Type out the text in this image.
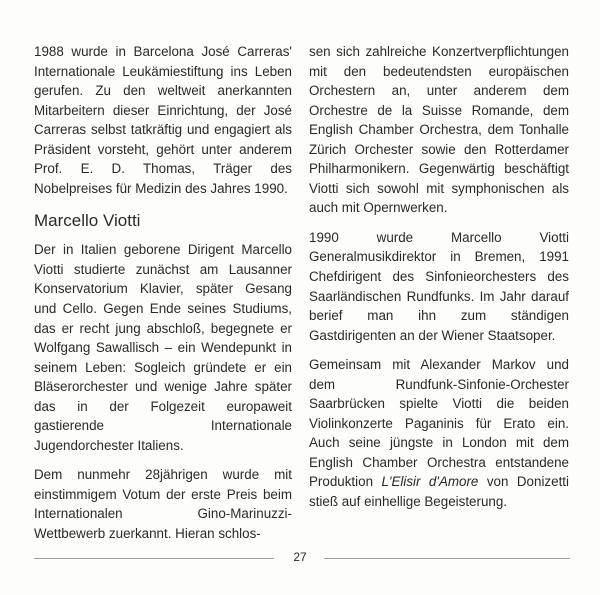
1988 wurde in Barcelona José Carreras' Internationale Leukämiestiftung ins Leben gerufen. Zu den weltweit anerkannten Mitarbeitern dieser Einrichtung, der José Carreras selbst tatkräftig und engagiert als Präsident vorsteht, gehört unter anderem Prof. E. D. Thomas, Träger des Nobelpreises für Medizin des Jahres 1990.

Marcello Viotti

Der in Italien geborene Dirigent Marcello Viotti studierte zunächst am Lausanner Konservatorium Klavier, später Gesang und Cello. Gegen Ende seines Studiums, das er recht jung abschloß, begegnete er Wolfgang Sawallisch – ein Wendepunkt in seinem Leben: Sogleich gründete er ein Bläserorchester und wenige Jahre später das in der Folgezeit europaweit gastierende Internationale Jugendorchester Italiens.

Dem nunmehr 28jährigen wurde mit einstimmigem Votum der erste Preis beim Internationalen Gino-Marinuzzi-Wettbewerb zuerkannt. Hieran schlos-

sen sich zahlreiche Konzertverpflichtungen mit den bedeutendsten europäischen Orchestern an, unter anderem dem Orchestre de la Suisse Romande, dem English Chamber Orchestra, dem Tonhalle Zürich Orchester sowie den Rotterdamer Philharmonikern. Gegenwärtig beschäftigt Viotti sich sowohl mit symphonischen als auch mit Opernwerken.

1990 wurde Marcello Viotti Generalmusikdirektor in Bremen, 1991 Chefdirigent des Sinfonieorchesters des Saarländischen Rundfunks. Im Jahr darauf berief man ihn zum ständigen Gastdirigenten an der Wiener Staatsoper.

Gemeinsam mit Alexander Markov und dem Rundfunk-Sinfonie-Orchester Saarbrücken spielte Viotti die beiden Violinkonzerte Paganinis für Erato ein. Auch seine jüngste in London mit dem English Chamber Orchestra entstandene Produktion L'Elisir d'Amore von Donizetti stieß auf einhellige Begeisterung.

27
